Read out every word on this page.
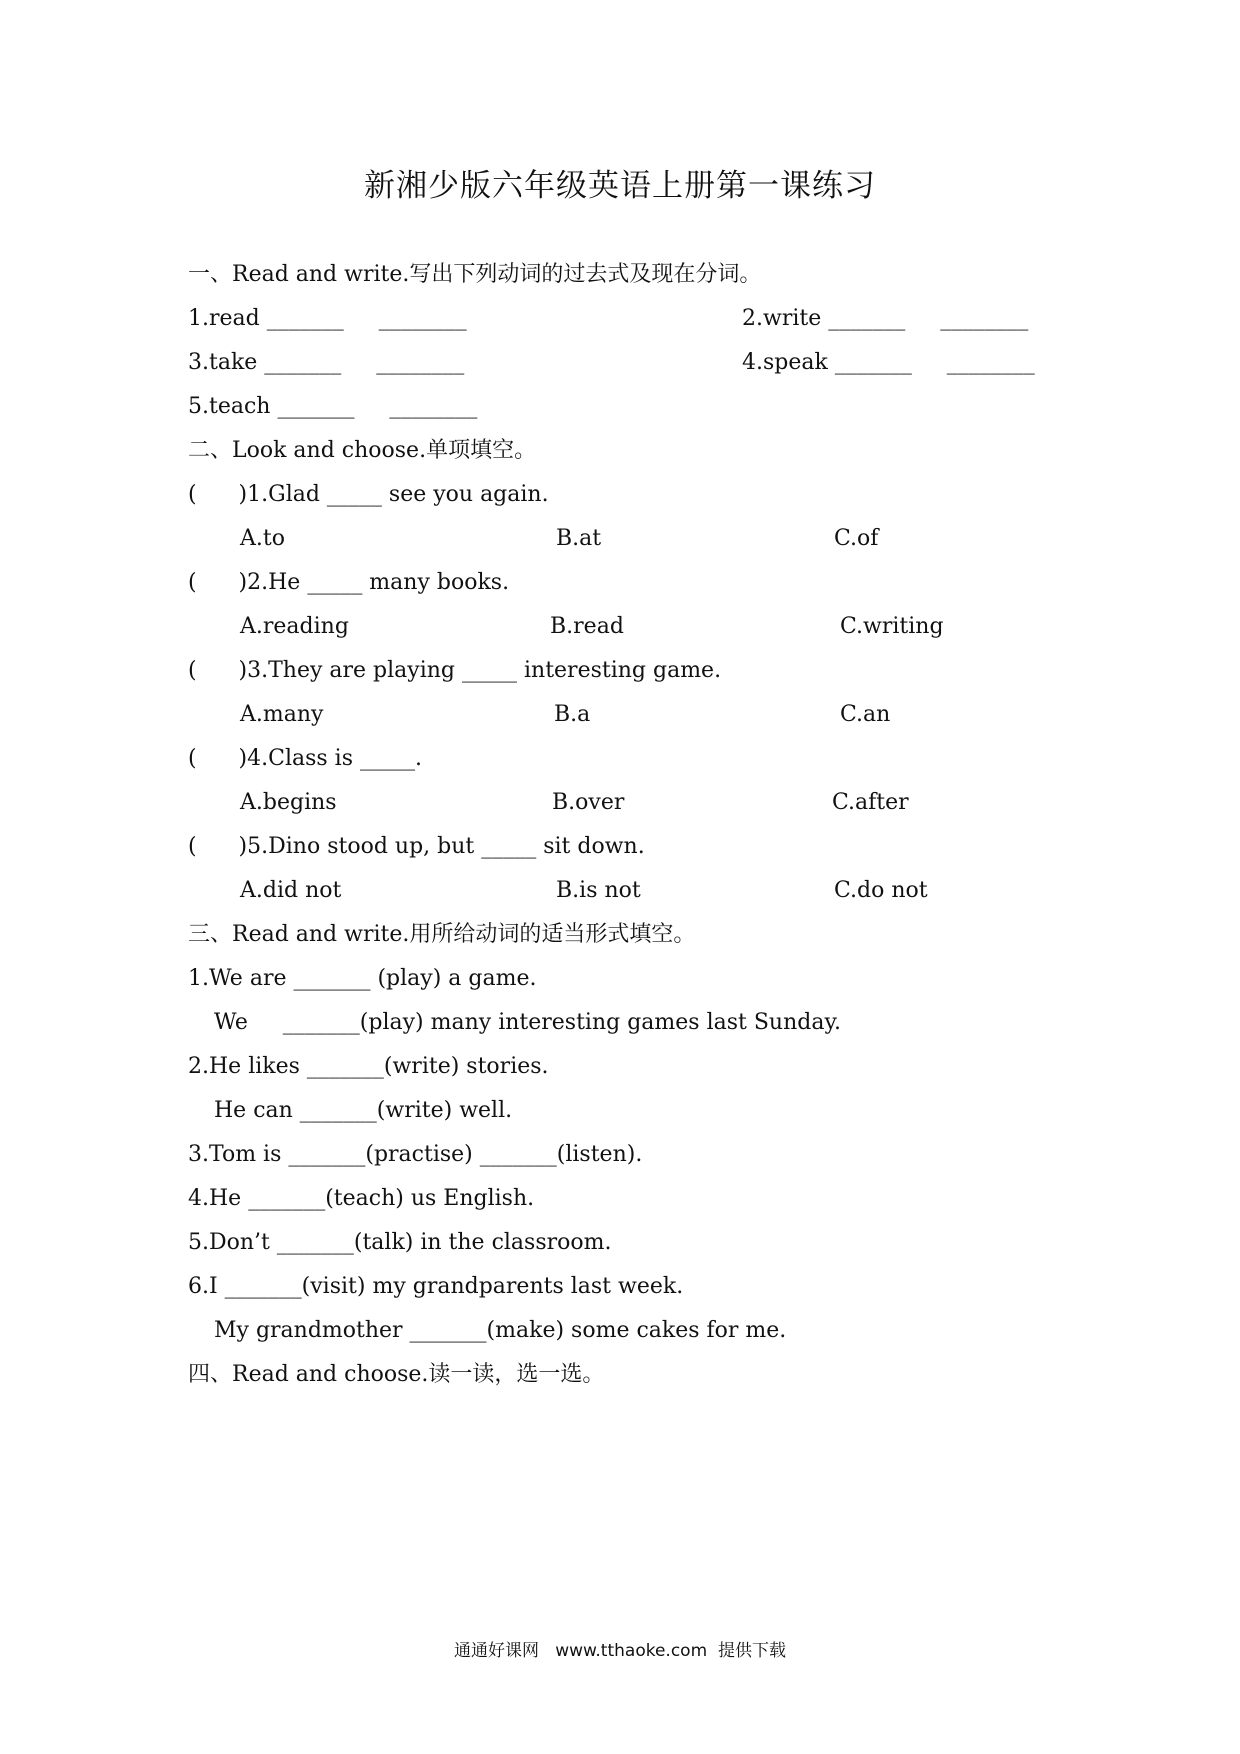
新湘少版六年级英语上册第一课练习
一、Read and write.写出下列动词的过去式及现在分词。
1.read _______     ________	2.write _______     ________
3.take _______     ________	4.speak _______     ________
5.teach _______     ________
二、Look and choose.单项填空。
(      )1.Glad _____ see you again.
A.to	B.at	C.of
(      )2.He _____ many books.
A.reading	B.read	C.writing
(      )3.They are playing _____ interesting game.
A.many	B.a	C.an
(      )4.Class is _____.
A.begins	B.over	C.after
(      )5.Dino stood up, but _____ sit down.
A.did not	B.is not	C.do not
三、Read and write.用所给动词的适当形式填空。
1.We are _______ (play) a game.
We     _______(play) many interesting games last Sunday.
2.He likes _______(write) stories.
He can _______(write) well.
3.Tom is _______(practise) _______(listen).
4.He _______(teach) us English.
5.Don’t _______(talk) in the classroom.
6.I _______(visit) my grandparents last week.
My grandmother _______(make) some cakes for me.
四、Read and choose.读一读，选一选。
通通好课网   www.tthaoke.com  提供下载
